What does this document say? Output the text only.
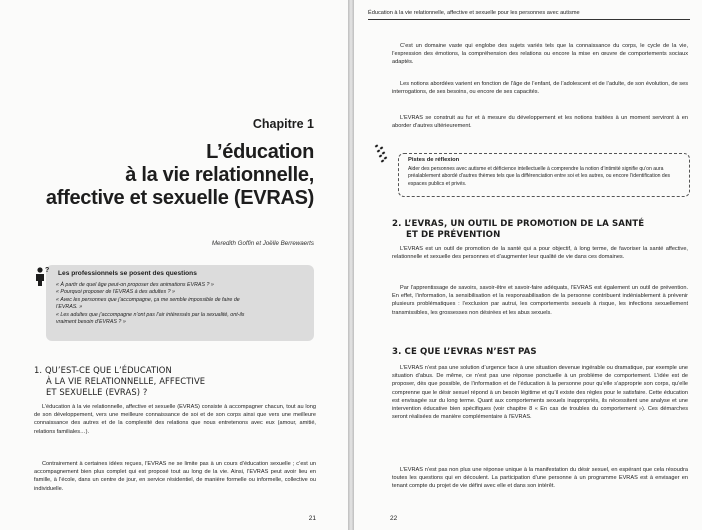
Chapitre 1
L’éducation
à la vie relationnelle,
affective et sexuelle (EVRAS)
Meredith Goffin et Joëlle Berrewaerts
? Les professionnels se posent des questions
« À partir de quel âge peut-on proposer des animations EVRAS ? »
« Pourquoi proposer de l’EVRAS à des adultes ? »
« Avec les personnes que j’accompagne, ça me semble impossible de faire de
l’EVRAS. »
« Les adultes que j’accompagne n’ont pas l’air intéressés par la sexualité, ont-ils
vraiment besoin d’EVRAS ? »
1. QU’EST-CE QUE L’ÉDUCATION
À LA VIE RELATIONNELLE, AFFECTIVE
ET SEXUELLE (EVRAS) ?
L’éducation à la vie relationnelle, affective et sexuelle (EVRAS) consiste à accompagner chacun, tout au long de son développement, vers une meilleure connaissance de soi et de son corps ainsi que vers une meilleure connaissance des autres et de la complexité des relations que nous entretenons avec eux (amour, amitié, relations familiales…).
Contrairement à certaines idées reçues, l’EVRAS ne se limite pas à un cours d’éducation sexuelle ; c’est un accompagnement bien plus complet qui est proposé tout au long de la vie. Ainsi, l’EVRAS peut avoir lieu en famille, à l’école, dans un centre de jour, en service résidentiel, de manière formelle ou informelle, collective ou individuelle.
21
Éducation à la vie relationnelle, affective et sexuelle pour les personnes avec autisme
C’est un domaine vaste qui englobe des sujets variés tels que la connaissance du corps, le cycle de la vie, l’expression des émotions, la compréhension des relations ou encore la mise en œuvre de comportements sociaux adaptés.
Les notions abordées varient en fonction de l’âge de l’enfant, de l’adolescent et de l’adulte, de son évolution, de ses interrogations, de ses besoins, ou encore de ses capacités.
L’EVRAS se construit au fur et à mesure du développement et les notions traitées à un moment serviront à en aborder d’autres ultérieurement.
Pistes de réflexion
Aider des personnes avec autisme et déficience intellectuelle à comprendre la notion d’intimité signifie qu’on aura préalablement abordé d’autres thèmes tels que la différenciation entre soi et les autres, ou encore l’identification des espaces publics et privés.
2. L’EVRAS, UN OUTIL DE PROMOTION DE LA SANTÉ
ET DE PRÉVENTION
L’EVRAS est un outil de promotion de la santé qui a pour objectif, à long terme, de favoriser la santé affective, relationnelle et sexuelle des personnes et d’augmenter leur qualité de vie dans ces domaines.
Par l’apprentissage de savoirs, savoir-être et savoir-faire adéquats, l’EVRAS est également un outil de prévention. En effet, l’information, la sensibilisation et la responsabilisation de la personne contribuent indéniablement à prévenir plusieurs problématiques : l’exclusion par autrui, les comportements sexuels à risque, les infections sexuellement transmissibles, les grossesses non désirées et les abus sexuels.
3. CE QUE L’EVRAS N’EST PAS
L’EVRAS n’est pas une solution d’urgence face à une situation devenue ingérable ou dramatique, par exemple une situation d’abus. De même, ce n’est pas une réponse ponctuelle à un problème de comportement. L’idée est de proposer, dès que possible, de l’information et de l’éducation à la personne pour qu’elle s’approprie son corps, qu’elle comprenne que le désir sexuel répond à un besoin légitime et qu’il existe des règles pour le satisfaire. Cette éducation est envisagée sur du long terme. Quant aux comportements sexuels inappropriés, ils nécessitent une analyse et une intervention éducative bien spécifiques (voir chapitre 8 « En cas de troubles du comportement »). Ces démarches seront réalisées de manière complémentaire à l’EVRAS.
L’EVRAS n’est pas non plus une réponse unique à la manifestation du désir sexuel, en espérant que cela résoudra toutes les questions qui en découlent. La participation d’une personne à un programme EVRAS est à envisager en tenant compte du projet de vie défini avec elle et dans son intérêt.
22
